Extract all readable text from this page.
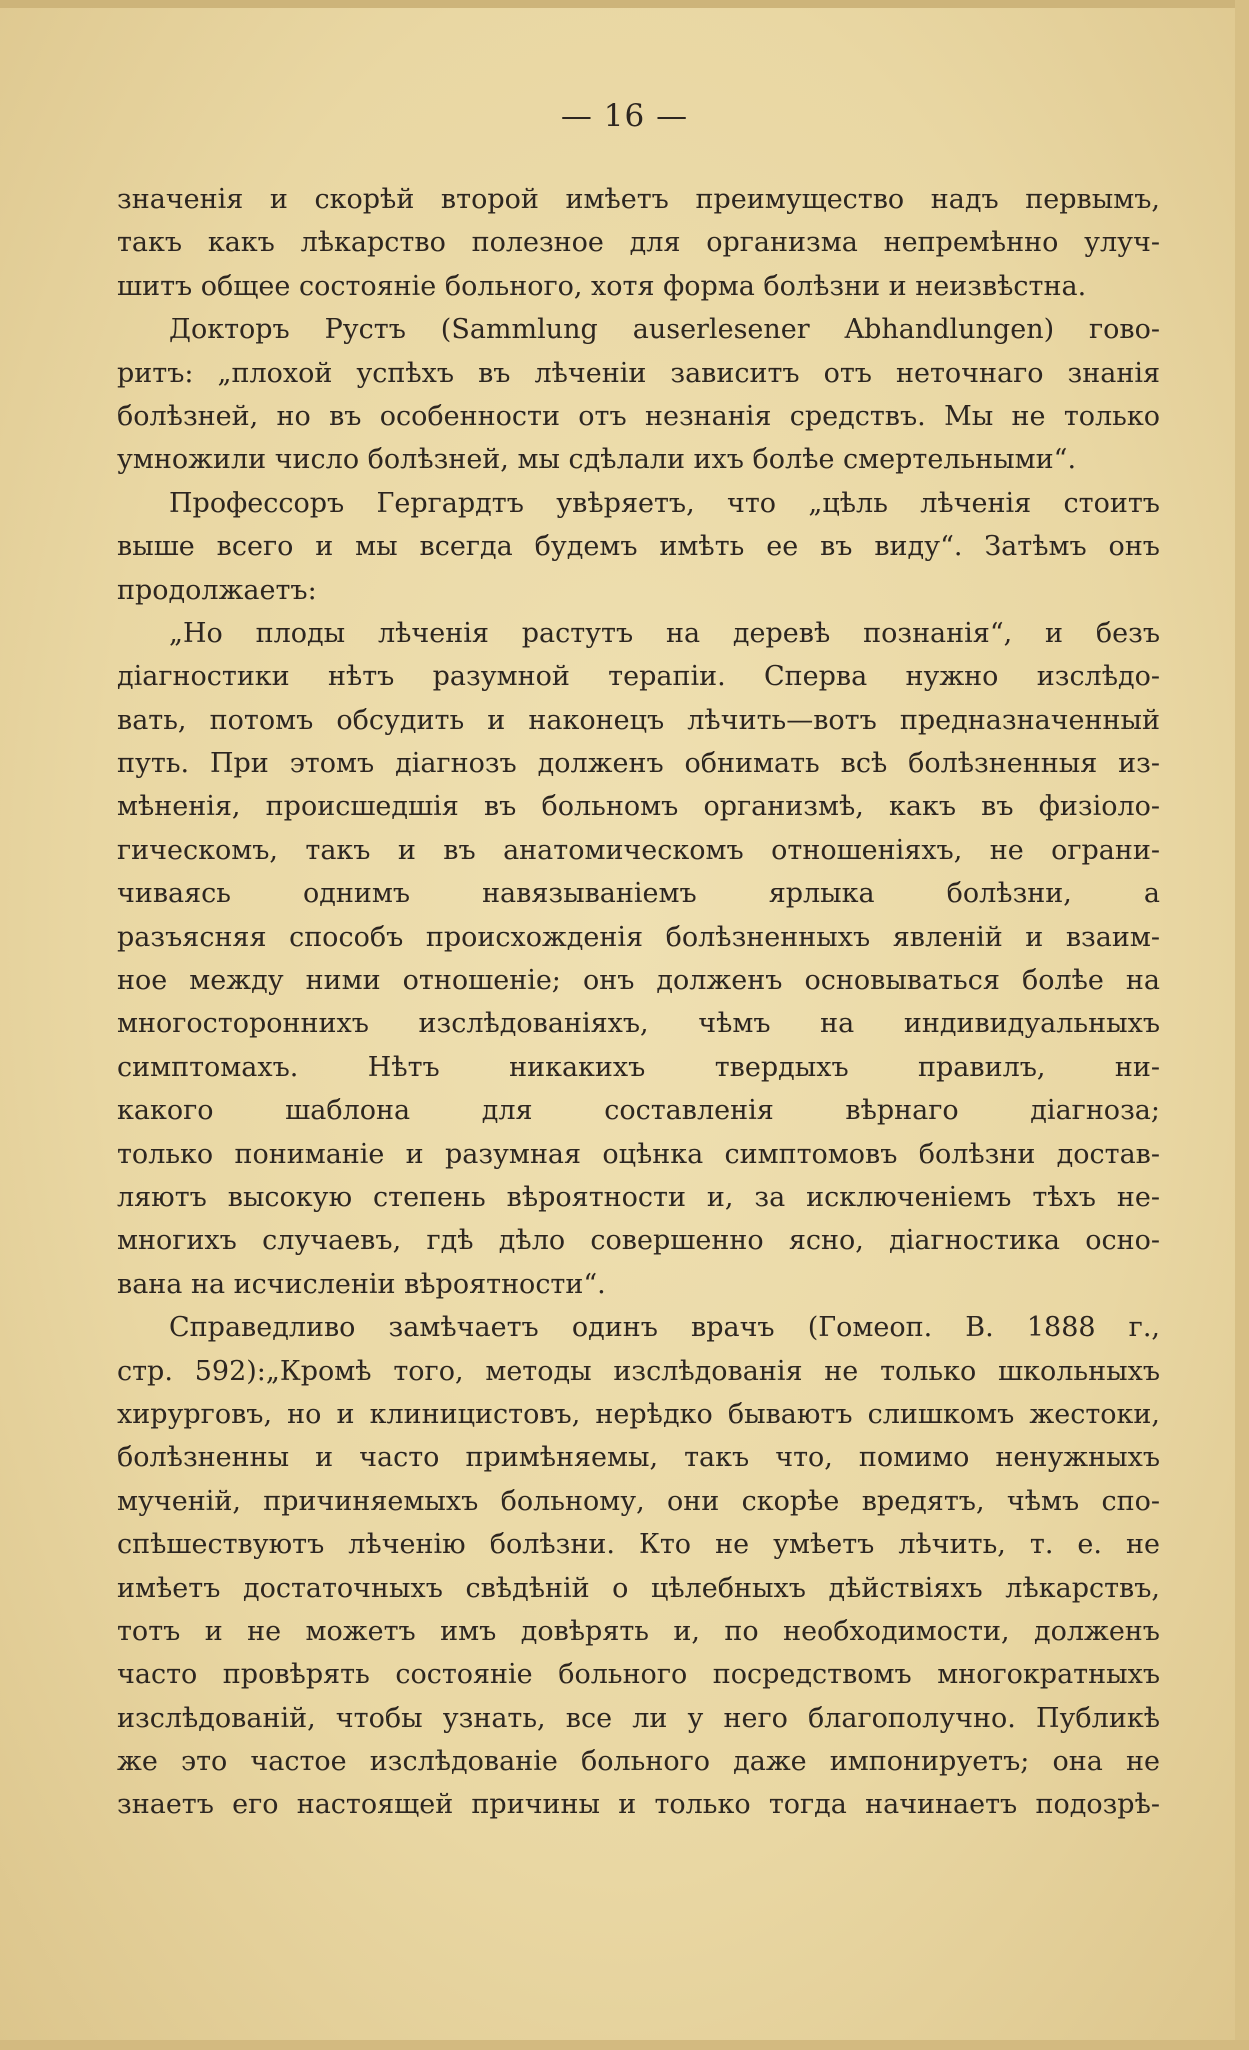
— 16 —
значенія и скорѣй второй имѣетъ преимущество надъ первымъ,
такъ какъ лѣкарство полезное для организма непремѣнно улуч-
шитъ общее состояніе больного, хотя форма болѣзни и неизвѣстна.
Докторъ Рустъ (Sammlung auserlesener Abhandlungen) гово-
ритъ: „плохой успѣхъ въ лѣченіи зависитъ отъ неточнаго знанія
болѣзней, но въ особенности отъ незнанія средствъ. Мы не только
умножили число болѣзней, мы сдѣлали ихъ болѣе смертельными“.
Профессоръ Гергардтъ увѣряетъ, что „цѣль лѣченія стоитъ
выше всего и мы всегда будемъ имѣть ее въ виду“. Затѣмъ онъ
продолжаетъ:
„Но плоды лѣченія растутъ на деревѣ познанія“, и безъ
діагностики нѣтъ разумной терапіи. Сперва нужно изслѣдо-
вать, потомъ обсудить и наконецъ лѣчить—вотъ предназначенный
путь. При этомъ діагнозъ долженъ обнимать всѣ болѣзненныя из-
мѣненія, происшедшія въ больномъ организмѣ, какъ въ физіоло-
гическомъ, такъ и въ анатомическомъ отношеніяхъ, не ограни-
чиваясь однимъ навязываніемъ ярлыка болѣзни, а
разъясняя способъ происхожденія болѣзненныхъ явленій и взаим-
ное между ними отношеніе; онъ долженъ основываться болѣе на
многостороннихъ изслѣдованіяхъ, чѣмъ на индивидуальныхъ
симптомахъ. Нѣтъ никакихъ твердыхъ правилъ, ни-
какого шаблона для составленія вѣрнаго діагноза;
только пониманіе и разумная оцѣнка симптомовъ болѣзни достав-
ляютъ высокую степень вѣроятности и, за исключеніемъ тѣхъ не-
многихъ случаевъ, гдѣ дѣло совершенно ясно, діагностика осно-
вана на исчисленіи вѣроятности“.
Справедливо замѣчаетъ одинъ врачъ (Гомеоп. В. 1888 г.,
стр. 592):„Кромѣ того, методы изслѣдованія не только школьныхъ
хирурговъ, но и клиницистовъ, нерѣдко бываютъ слишкомъ жестоки,
болѣзненны и часто примѣняемы, такъ что, помимо ненужныхъ
мученій, причиняемыхъ больному, они скорѣе вредятъ, чѣмъ спо-
спѣшествуютъ лѣченію болѣзни. Кто не умѣетъ лѣчить, т. е. не
имѣетъ достаточныхъ свѣдѣній о цѣлебныхъ дѣйствіяхъ лѣкарствъ,
тотъ и не можетъ имъ довѣрять и, по необходимости, долженъ
часто провѣрять состояніе больного посредствомъ многократныхъ
изслѣдованій, чтобы узнать, все ли у него благополучно. Публикѣ
же это частое изслѣдованіе больного даже импонируетъ; она не
знаетъ его настоящей причины и только тогда начинаетъ подозрѣ-
